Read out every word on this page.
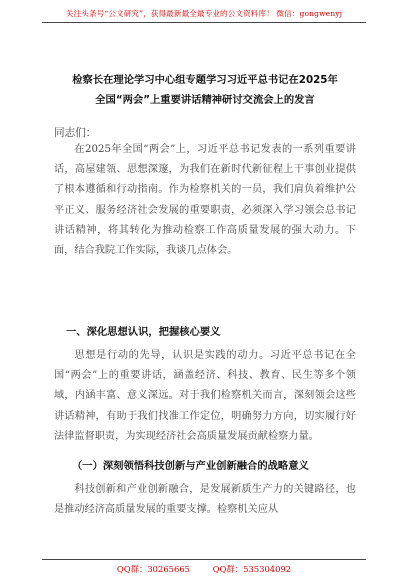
关注头条号“公文研究”，获得最新最全最专业的公文资料库！ 微信：gongwenyj
检察长在理论学习中心组专题学习习近平总书记在2025年
全国“两会”上重要讲话精神研讨交流会上的发言
同志们：
在2025年全国“两会”上，习近平总书记发表的一系列重要讲话，高屋建瓴、思想深邃，为我们在新时代新征程上干事创业提供了根本遵循和行动指南。作为检察机关的一员，我们肩负着维护公平正义、服务经济社会发展的重要职责，必须深入学习领会总书记讲话精神，将其转化为推动检察工作高质量发展的强大动力。下面，结合我院工作实际，我谈几点体会。
一、深化思想认识，把握核心要义
思想是行动的先导，认识是实践的动力。习近平总书记在全国“两会”上的重要讲话，涵盖经济、科技、教育、民生等多个领域，内涵丰富、意义深远。对于我们检察机关而言，深刻领会这些讲话精神，有助于我们找准工作定位，明确努力方向，切实履行好法律监督职责，为实现经济社会高质量发展贡献检察力量。
（一）深刻领悟科技创新与产业创新融合的战略意义
科技创新和产业创新融合，是发展新质生产力的关键路径，也是推动经济高质量发展的重要支撑。检察机关应从
QQ群：30265665	QQ群：535304092
